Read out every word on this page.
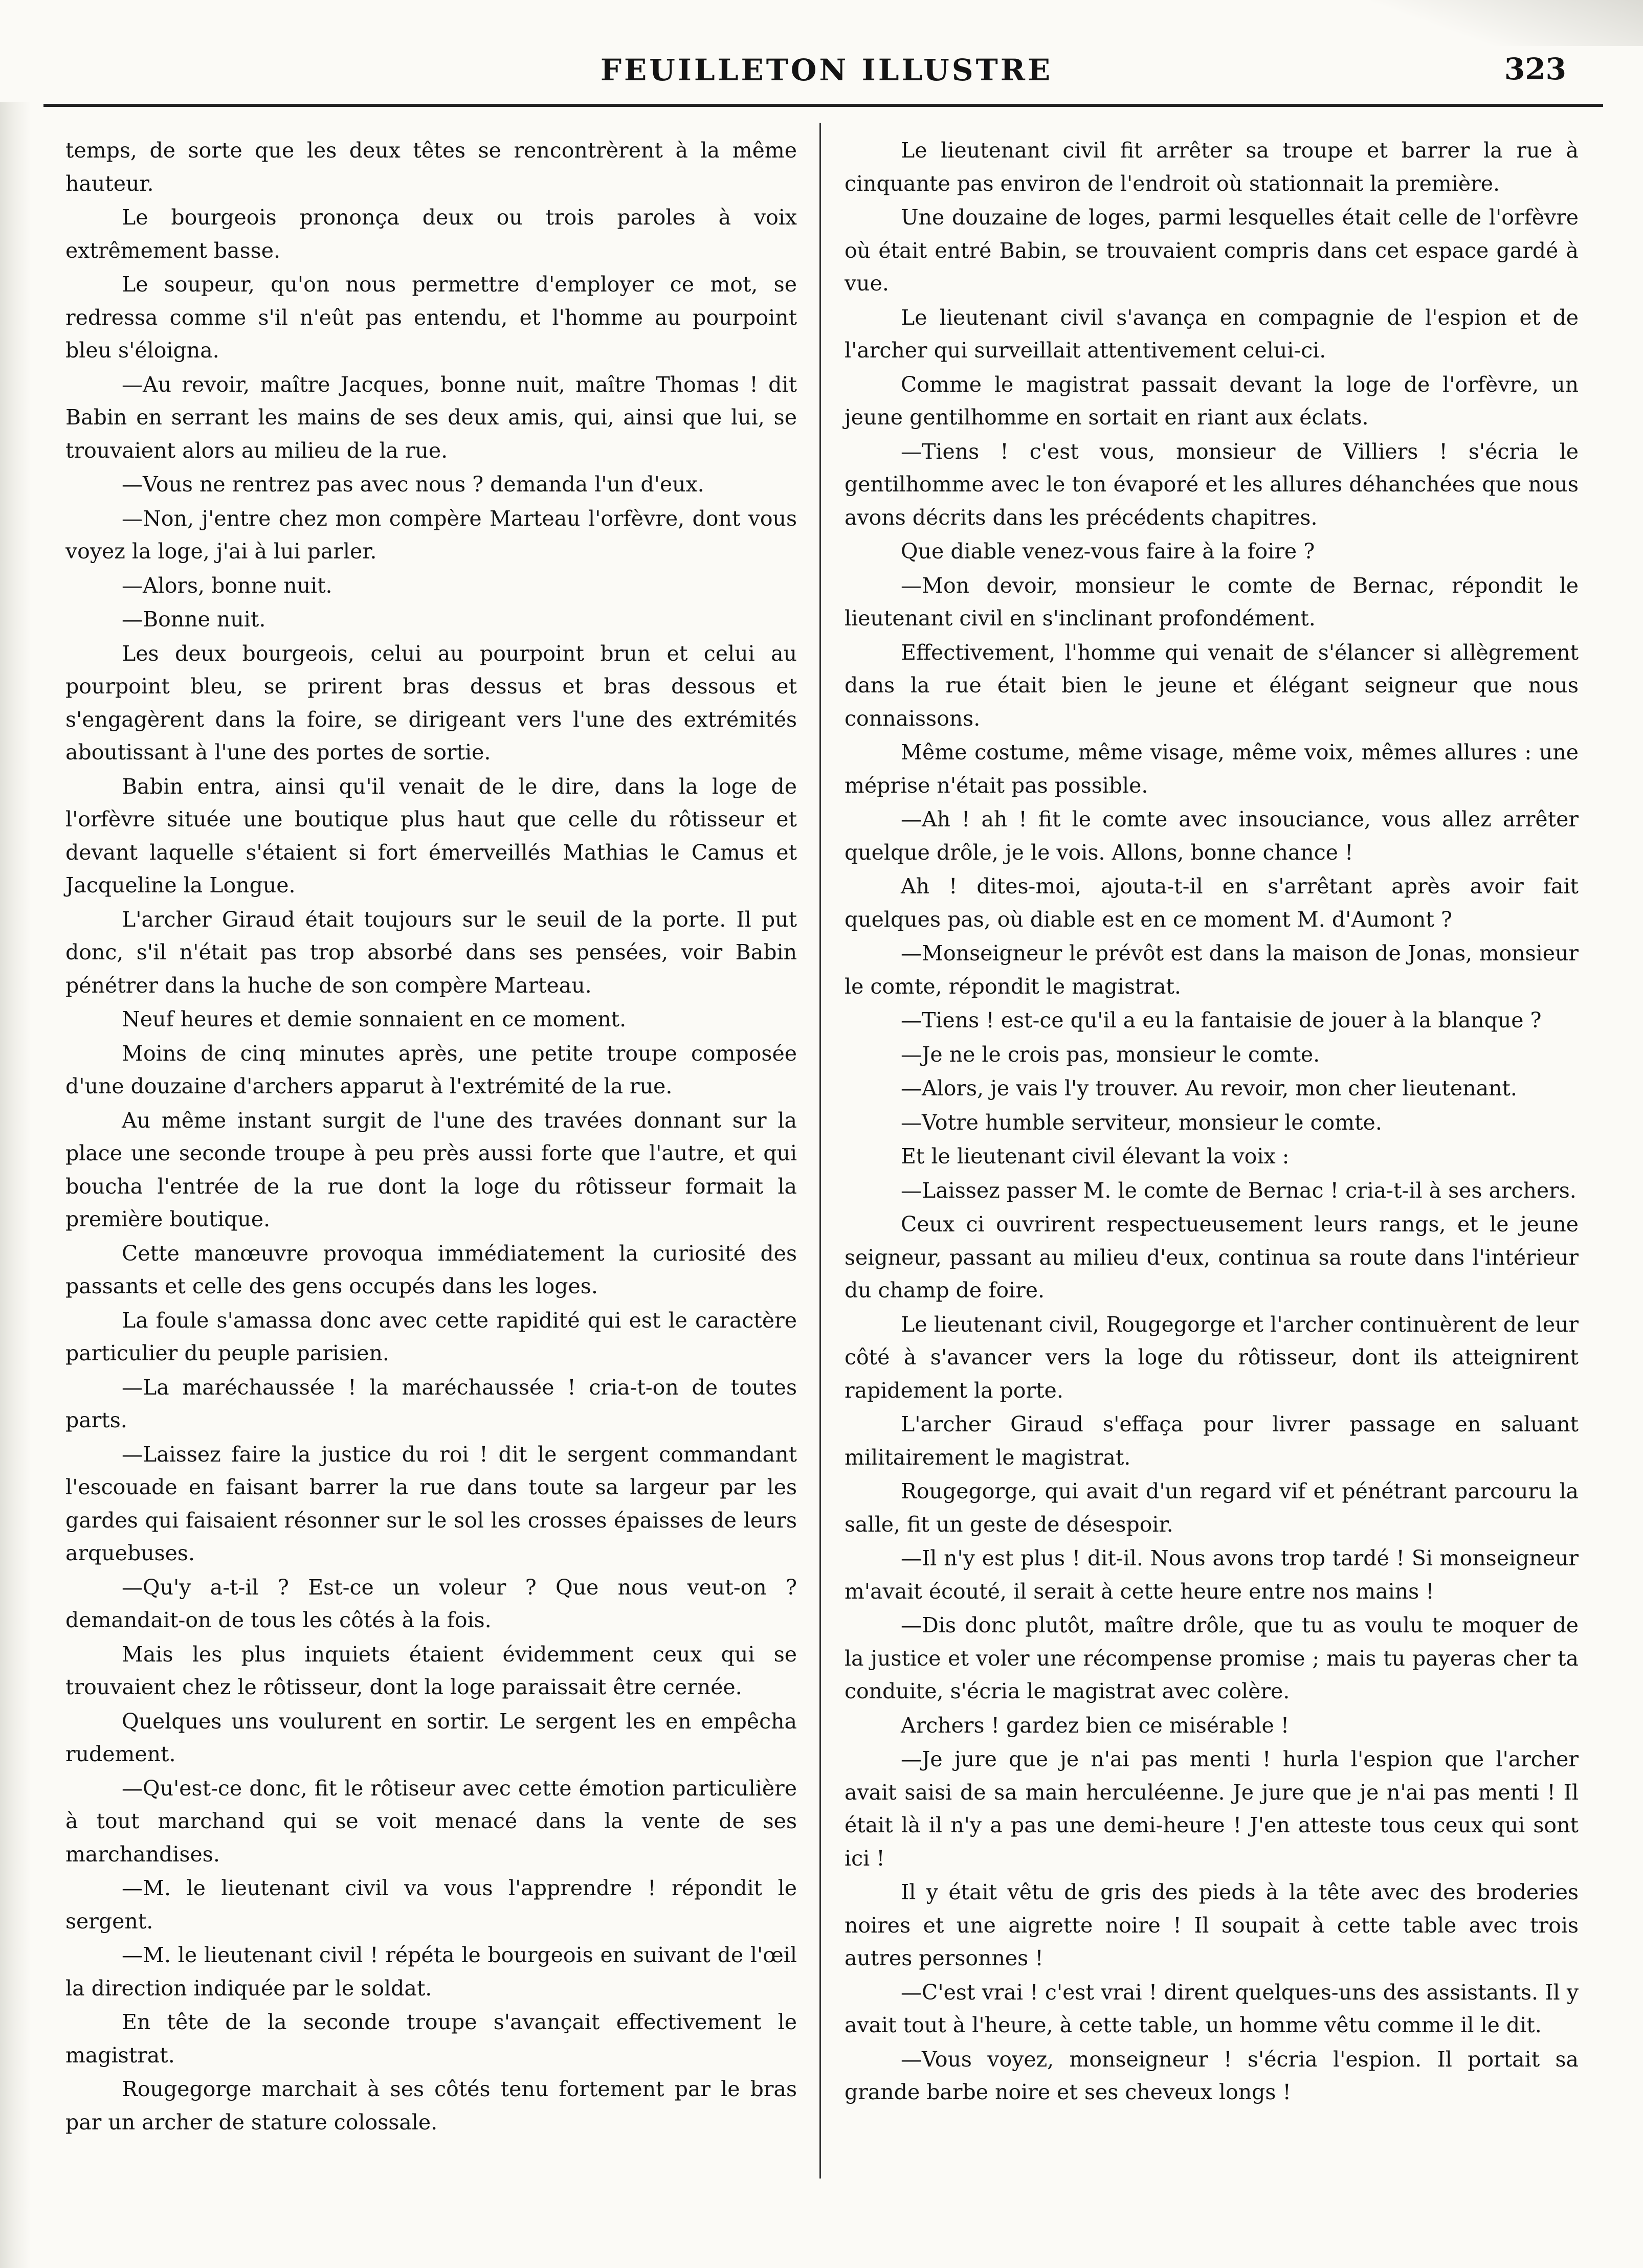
FEUILLETON ILLUSTRE	323

temps, de sorte que les deux têtes se rencontrèrent à la même hauteur.

Le bourgeois prononça deux ou trois paroles à voix extrêmement basse.

Le soupeur, qu'on nous permettre d'employer ce mot, se redressa comme s'il n'eût pas entendu, et l'homme au pourpoint bleu s'éloigna.

—Au revoir, maître Jacques, bonne nuit, maître Thomas ! dit Babin en serrant les mains de ses deux amis, qui, ainsi que lui, se trouvaient alors au milieu de la rue.

—Vous ne rentrez pas avec nous ? demanda l'un d'eux.

—Non, j'entre chez mon compère Marteau l'orfèvre, dont vous voyez la loge, j'ai à lui parler.

—Alors, bonne nuit.

—Bonne nuit.

Les deux bourgeois, celui au pourpoint brun et celui au pourpoint bleu, se prirent bras dessus et bras dessous et s'engagèrent dans la foire, se dirigeant vers l'une des extrémités aboutissant à l'une des portes de sortie.

Babin entra, ainsi qu'il venait de le dire, dans la loge de l'orfèvre située une boutique plus haut que celle du rôtisseur et devant laquelle s'étaient si fort émerveillés Mathias le Camus et Jacqueline la Longue.

L'archer Giraud était toujours sur le seuil de la porte. Il put donc, s'il n'était pas trop absorbé dans ses pensées, voir Babin pénétrer dans la huche de son compère Marteau.

Neuf heures et demie sonnaient en ce moment.

Moins de cinq minutes après, une petite troupe composée d'une douzaine d'archers apparut à l'extrémité de la rue.

Au même instant surgit de l'une des travées donnant sur la place une seconde troupe à peu près aussi forte que l'autre, et qui boucha l'entrée de la rue dont la loge du rôtisseur formait la première boutique.

Cette manœuvre provoqua immédiatement la curiosité des passants et celle des gens occupés dans les loges.

La foule s'amassa donc avec cette rapidité qui est le caractère particulier du peuple parisien.

—La maréchaussée ! la maréchaussée ! cria-t-on de toutes parts.

—Laissez faire la justice du roi ! dit le sergent commandant l'escouade en faisant barrer la rue dans toute sa largeur par les gardes qui faisaient résonner sur le sol les crosses épaisses de leurs arquebuses.

—Qu'y a-t-il ? Est-ce un voleur ? Que nous veut-on ? demandait-on de tous les côtés à la fois.

Mais les plus inquiets étaient évidemment ceux qui se trouvaient chez le rôtisseur, dont la loge paraissait être cernée.

Quelques uns voulurent en sortir. Le sergent les en empêcha rudement.

—Qu'est-ce donc, fit le rôtiseur avec cette émotion particulière à tout marchand qui se voit menacé dans la vente de ses marchandises.

—M. le lieutenant civil va vous l'apprendre ! répondit le sergent.

—M. le lieutenant civil ! répéta le bourgeois en suivant de l'œil la direction indiquée par le soldat.

En tête de la seconde troupe s'avançait effectivement le magistrat.

Rougegorge marchait à ses côtés tenu fortement par le bras par un archer de stature colossale.

Le lieutenant civil fit arrêter sa troupe et barrer la rue à cinquante pas environ de l'endroit où stationnait la première.

Une douzaine de loges, parmi lesquelles était celle de l'orfèvre où était entré Babin, se trouvaient compris dans cet espace gardé à vue.

Le lieutenant civil s'avança en compagnie de l'espion et de l'archer qui surveillait attentivement celui-ci.

Comme le magistrat passait devant la loge de l'orfèvre, un jeune gentilhomme en sortait en riant aux éclats.

—Tiens ! c'est vous, monsieur de Villiers ! s'écria le gentilhomme avec le ton évaporé et les allures déhanchées que nous avons décrits dans les précédents chapitres.

Que diable venez-vous faire à la foire ?

—Mon devoir, monsieur le comte de Bernac, répondit le lieutenant civil en s'inclinant profondément.

Effectivement, l'homme qui venait de s'élancer si allègrement dans la rue était bien le jeune et élégant seigneur que nous connaissons.

Même costume, même visage, même voix, mêmes allures : une méprise n'était pas possible.

—Ah ! ah ! fit le comte avec insouciance, vous allez arrêter quelque drôle, je le vois. Allons, bonne chance !

Ah ! dites-moi, ajouta-t-il en s'arrêtant après avoir fait quelques pas, où diable est en ce moment M. d'Aumont ?

—Monseigneur le prévôt est dans la maison de Jonas, monsieur le comte, répondit le magistrat.

—Tiens ! est-ce qu'il a eu la fantaisie de jouer à la blanque ?

—Je ne le crois pas, monsieur le comte.

—Alors, je vais l'y trouver. Au revoir, mon cher lieutenant.

—Votre humble serviteur, monsieur le comte.

Et le lieutenant civil élevant la voix :

—Laissez passer M. le comte de Bernac ! cria-t-il à ses archers.

Ceux ci ouvrirent respectueusement leurs rangs, et le jeune seigneur, passant au milieu d'eux, continua sa route dans l'intérieur du champ de foire.

Le lieutenant civil, Rougegorge et l'archer continuèrent de leur côté à s'avancer vers la loge du rôtisseur, dont ils atteignirent rapidement la porte.

L'archer Giraud s'effaça pour livrer passage en saluant militairement le magistrat.

Rougegorge, qui avait d'un regard vif et pénétrant parcouru la salle, fit un geste de désespoir.

—Il n'y est plus ! dit-il. Nous avons trop tardé ! Si monseigneur m'avait écouté, il serait à cette heure entre nos mains !

—Dis donc plutôt, maître drôle, que tu as voulu te moquer de la justice et voler une récompense promise ; mais tu payeras cher ta conduite, s'écria le magistrat avec colère.

Archers ! gardez bien ce misérable !

—Je jure que je n'ai pas menti ! hurla l'espion que l'archer avait saisi de sa main herculéenne. Je jure que je n'ai pas menti ! Il était là il n'y a pas une demi-heure ! J'en atteste tous ceux qui sont ici !

Il y était vêtu de gris des pieds à la tête avec des broderies noires et une aigrette noire ! Il soupait à cette table avec trois autres personnes !

—C'est vrai ! c'est vrai ! dirent quelques-uns des assistants. Il y avait tout à l'heure, à cette table, un homme vêtu comme il le dit.

—Vous voyez, monseigneur ! s'écria l'espion. Il portait sa grande barbe noire et ses cheveux longs !
